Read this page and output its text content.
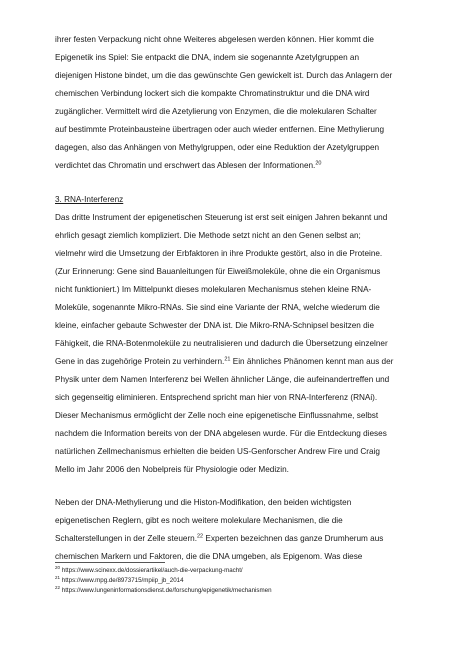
ihrer festen Verpackung nicht ohne Weiteres abgelesen werden können. Hier kommt die
Epigenetik ins Spiel: Sie entpackt die DNA, indem sie sogenannte Azetylgruppen an
diejenigen Histone bindet, um die das gewünschte Gen gewickelt ist. Durch das Anlagern der
chemischen Verbindung lockert sich die kompakte Chromatinstruktur und die DNA wird
zugänglicher. Vermittelt wird die Azetylierung von Enzymen, die die molekularen Schalter
auf bestimmte Proteinbausteine übertragen oder auch wieder entfernen. Eine Methylierung
dagegen, also das Anhängen von Methylgruppen, oder eine Reduktion der Azetylgruppen
verdichtet das Chromatin und erschwert das Ablesen der Informationen.$^{20}$
3. RNA-Interferenz
Das dritte Instrument der epigenetischen Steuerung ist erst seit einigen Jahren bekannt und
ehrlich gesagt ziemlich kompliziert. Die Methode setzt nicht an den Genen selbst an;
vielmehr wird die Umsetzung der Erbfaktoren in ihre Produkte gestört, also in die Proteine.
(Zur Erinnerung: Gene sind Bauanleitungen für Eiweißmoleküle, ohne die ein Organismus
nicht funktioniert.) Im Mittelpunkt dieses molekularen Mechanismus stehen kleine RNA-
Moleküle, sogenannte Mikro-RNAs. Sie sind eine Variante der RNA, welche wiederum die
kleine, einfacher gebaute Schwester der DNA ist. Die Mikro-RNA-Schnipsel besitzen die
Fähigkeit, die RNA-Botenmoleküle zu neutralisieren und dadurch die Übersetzung einzelner
Gene in das zugehörige Protein zu verhindern.$^{21}$ Ein ähnliches Phänomen kennt man aus der
Physik unter dem Namen Interferenz bei Wellen ähnlicher Länge, die aufeinandertreffen und
sich gegenseitig eliminieren. Entsprechend spricht man hier von RNA-Interferenz (RNAi).
Dieser Mechanismus ermöglicht der Zelle noch eine epigenetische Einflussnahme, selbst
nachdem die Information bereits von der DNA abgelesen wurde. Für die Entdeckung dieses
natürlichen Zellmechanismus erhielten die beiden US-Genforscher Andrew Fire und Craig
Mello im Jahr 2006 den Nobelpreis für Physiologie oder Medizin.
Neben der DNA-Methylierung und die Histon-Modifikation, den beiden wichtigsten
epigenetischen Reglern, gibt es noch weitere molekulare Mechanismen, die die
Schalterstellungen in der Zelle steuern.$^{22}$ Experten bezeichnen das ganze Drumherum aus
chemischen Markern und Faktoren, die die DNA umgeben, als Epigenom. Was diese
$^{20}$ https://www.scinexx.de/dossierartikel/auch-die-verpackung-macht/
$^{21}$ https://www.mpg.de/8973715/mpiip_jb_2014
$^{22}$ https://www.lungeninformationsdienst.de/forschung/epigenetik/mechanismen
